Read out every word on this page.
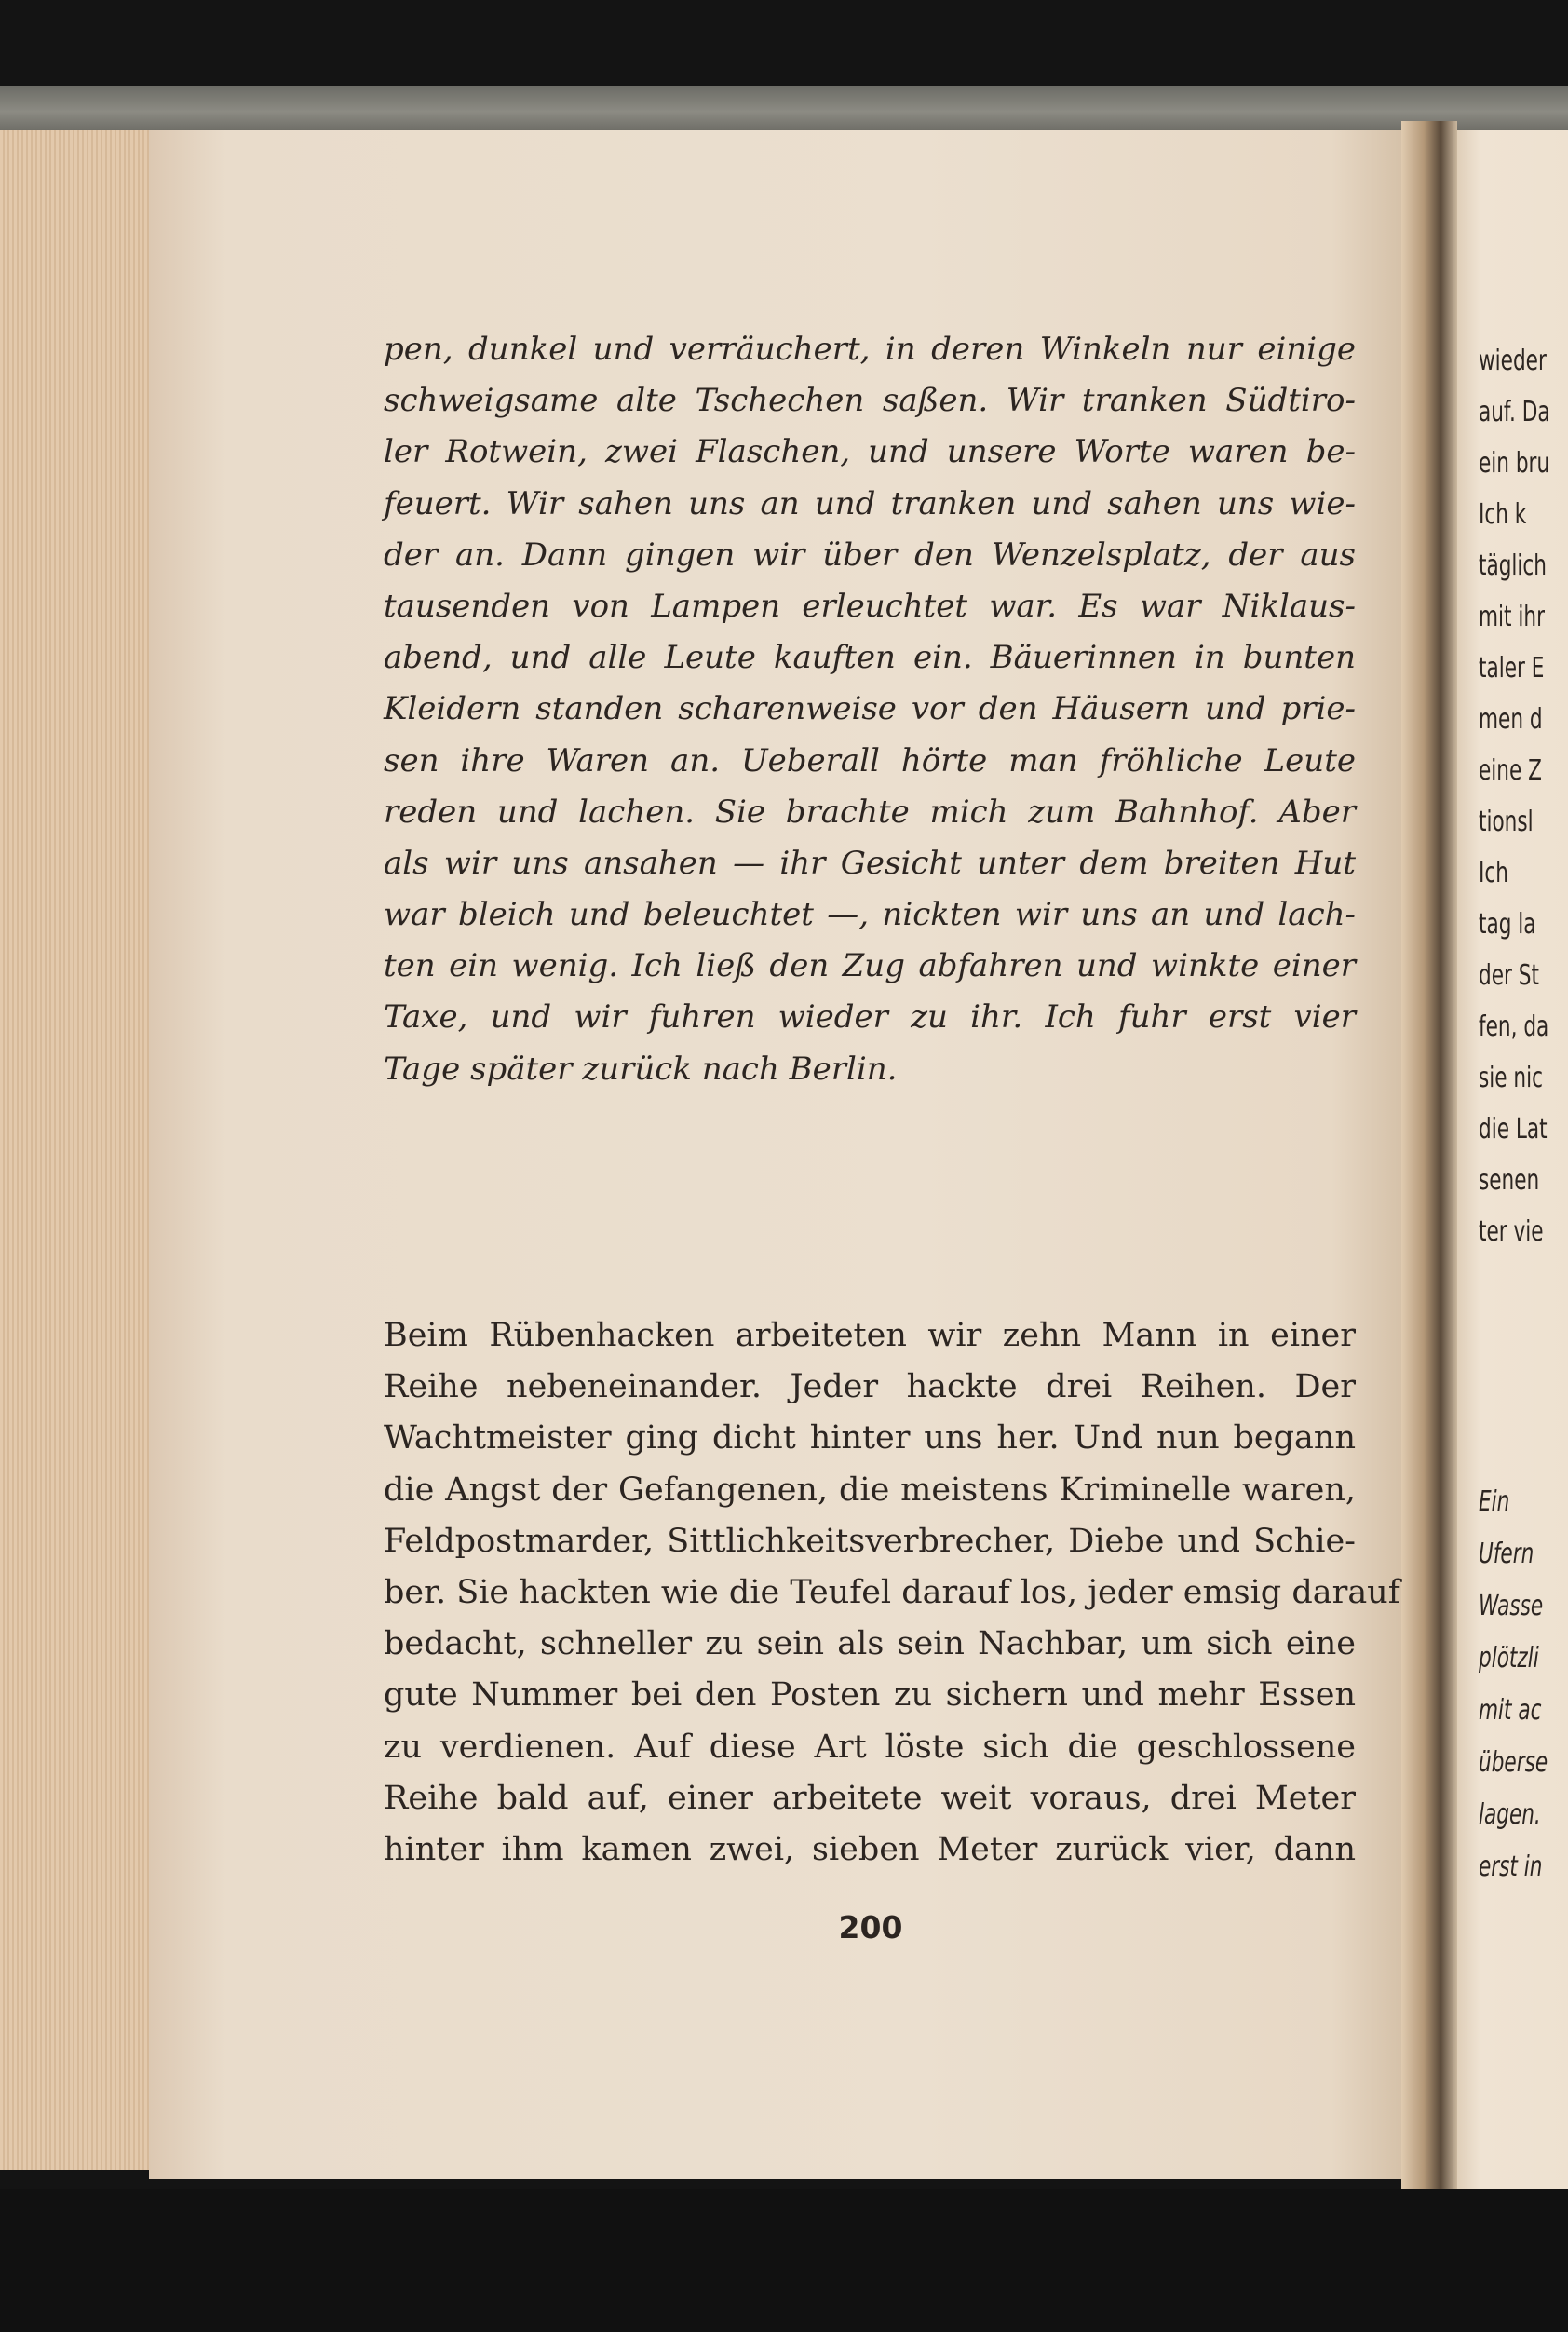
pen, dunkel und verräuchert, in deren Winkeln nur einige
schweigsame alte Tschechen saßen. Wir tranken Südtiro-
ler Rotwein, zwei Flaschen, und unsere Worte waren be-
feuert. Wir sahen uns an und tranken und sahen uns wie-
der an. Dann gingen wir über den Wenzelsplatz, der aus
tausenden von Lampen erleuchtet war. Es war Niklaus-
abend, und alle Leute kauften ein. Bäuerinnen in bunten
Kleidern standen scharenweise vor den Häusern und prie-
sen ihre Waren an. Ueberall hörte man fröhliche Leute
reden und lachen. Sie brachte mich zum Bahnhof. Aber
als wir uns ansahen — ihr Gesicht unter dem breiten Hut
war bleich und beleuchtet —, nickten wir uns an und lach-
ten ein wenig. Ich ließ den Zug abfahren und winkte einer
Taxe, und wir fuhren wieder zu ihr. Ich fuhr erst vier
Tage später zurück nach Berlin.
Beim Rübenhacken arbeiteten wir zehn Mann in einer
Reihe nebeneinander. Jeder hackte drei Reihen. Der
Wachtmeister ging dicht hinter uns her. Und nun begann
die Angst der Gefangenen, die meistens Kriminelle waren,
Feldpostmarder, Sittlichkeitsverbrecher, Diebe und Schie-
ber. Sie hackten wie die Teufel darauf los, jeder emsig darauf
bedacht, schneller zu sein als sein Nachbar, um sich eine
gute Nummer bei den Posten zu sichern und mehr Essen
zu verdienen. Auf diese Art löste sich die geschlossene
Reihe bald auf, einer arbeitete weit voraus, drei Meter
hinter ihm kamen zwei, sieben Meter zurück vier, dann
200
wieder
auf. Da
ein bru
Ich k
täglich
mit ihr
taler E
men d
eine Z
tionsl
Ich
tag la
der St
fen, da
sie nic
die Lat
senen
ter vie
Ein
Ufern
Wasse
plötzli
mit ac
überse
lagen.
erst in
